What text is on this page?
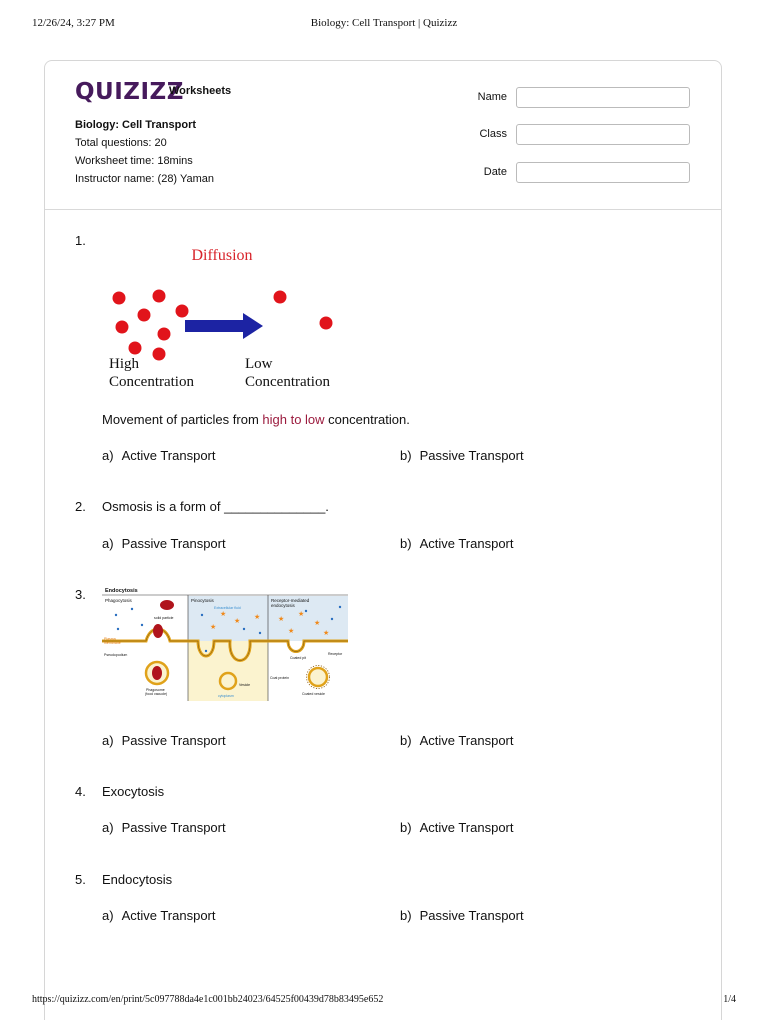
12/26/24, 3:27 PM	Biology: Cell Transport | Quizizz
QUIZIZZ
Worksheets
Biology: Cell Transport
Total questions: 20
Worksheet time: 18mins
Instructor name: (28) Yaman
Name
Class
Date
1.
Diffusion
High
Concentration
Low
Concentration
Movement of particles from high to low concentration.
a) Active Transport	b) Passive Transport
2. Osmosis is a form of ______________.
a) Passive Transport	b) Active Transport
3.	Endocytosis
Phagocytosis	Pinocytosis	Receptor-mediated
endocytosis
Extracellular fluid
solid particle
Plasma
membrane
Pseudopodium
Phagosome
(food vacuole)
Vesicle
cytoplasm
★
★ ★
★
★
★
★
★	★
Coated pit
Receptor
Coat protein
Coated vesicle
a) Passive Transport	b) Active Transport
4. Exocytosis
a) Passive Transport	b) Active Transport
5. Endocytosis
a) Active Transport	b) Passive Transport
https://quizizz.com/en/print/5c097788da4e1c001bb24023/64525f00439d78b83495e652	1/4
